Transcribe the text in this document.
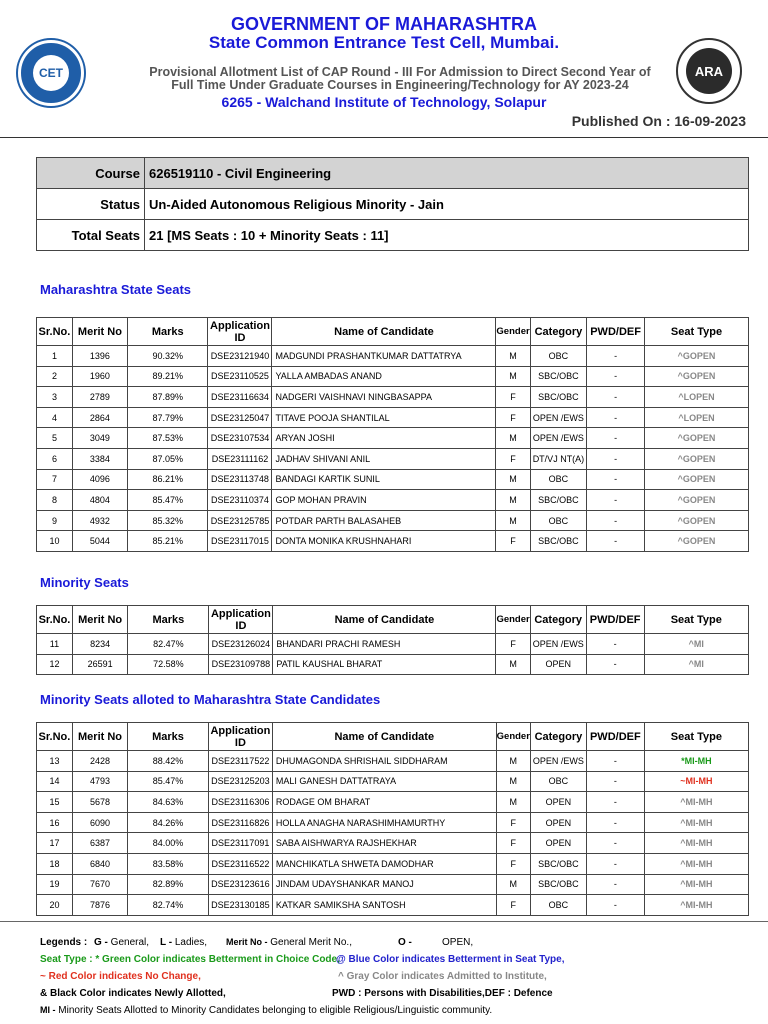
CET
GOVERNMENT OF MAHARASHTRA
State Common Entrance Test Cell, Mumbai.
Provisional Allotment List of CAP Round - III For Admission to Direct Second Year of
Full Time Under Graduate Courses in Engineering/Technology for AY 2023-24
6265 - Walchand Institute of Technology, Solapur
ARA
Published On : 16-09-2023
Course	626519110 - Civil Engineering
Status	Un-Aided Autonomous Religious Minority - Jain
Total Seats	21 [MS Seats : 10 + Minority Seats : 11]
Maharashtra State Seats
Sr.No.	Merit No	Marks	Application ID	Name of Candidate	Gender	Category	PWD/DEF	Seat Type
1	1396	90.32%	DSE23121940	MADGUNDI PRASHANTKUMAR DATTATRYA	M	OBC	-	^GOPEN
2	1960	89.21%	DSE23110525	YALLA AMBADAS ANAND	M	SBC/OBC	-	^GOPEN
3	2789	87.89%	DSE23116634	NADGERI VAISHNAVI NINGBASAPPA	F	SBC/OBC	-	^LOPEN
4	2864	87.79%	DSE23125047	TITAVE POOJA SHANTILAL	F	OPEN /EWS	-	^LOPEN
5	3049	87.53%	DSE23107534	ARYAN JOSHI	M	OPEN /EWS	-	^GOPEN
6	3384	87.05%	DSE23111162	JADHAV SHIVANI ANIL	F	DT/VJ NT(A)	-	^GOPEN
7	4096	86.21%	DSE23113748	BANDAGI KARTIK SUNIL	M	OBC	-	^GOPEN
8	4804	85.47%	DSE23110374	GOP MOHAN PRAVIN	M	SBC/OBC	-	^GOPEN
9	4932	85.32%	DSE23125785	POTDAR PARTH BALASAHEB	M	OBC	-	^GOPEN
10	5044	85.21%	DSE23117015	DONTA MONIKA KRUSHNAHARI	F	SBC/OBC	-	^GOPEN
Minority Seats
Sr.No.	Merit No	Marks	Application ID	Name of Candidate	Gender	Category	PWD/DEF	Seat Type
11	8234	82.47%	DSE23126024	BHANDARI PRACHI RAMESH	F	OPEN /EWS	-	^MI
12	26591	72.58%	DSE23109788	PATIL KAUSHAL BHARAT	M	OPEN	-	^MI
Minority Seats alloted to Maharashtra State Candidates
Sr.No.	Merit No	Marks	Application ID	Name of Candidate	Gender	Category	PWD/DEF	Seat Type
13	2428	88.42%	DSE23117522	DHUMAGONDA SHRISHAIL SIDDHARAM	M	OPEN /EWS	-	*MI-MH
14	4793	85.47%	DSE23125203	MALI GANESH DATTATRAYA	M	OBC	-	~MI-MH
15	5678	84.63%	DSE23116306	RODAGE OM BHARAT	M	OPEN	-	^MI-MH
16	6090	84.26%	DSE23116826	HOLLA ANAGHA NARASHIMHAMURTHY	F	OPEN	-	^MI-MH
17	6387	84.00%	DSE23117091	SABA AISHWARYA RAJSHEKHAR	F	OPEN	-	^MI-MH
18	6840	83.58%	DSE23116522	MANCHIKATLA SHWETA DAMODHAR	F	SBC/OBC	-	^MI-MH
19	7670	82.89%	DSE23123616	JINDAM UDAYSHANKAR MANOJ	M	SBC/OBC	-	^MI-MH
20	7876	82.74%	DSE23130185	KATKAR SAMIKSHA SANTOSH	F	OBC	-	^MI-MH
Legends : G - General, L - Ladies, Merit No - General Merit No.,	O -	OPEN,
Seat Type : * Green Color indicates Betterment in Choice Code,
@ Blue Color indicates Betterment in Seat Type,
~ Red Color indicates No Change,	^ Gray Color indicates Admitted to Institute,
& Black Color indicates Newly Allotted,	PWD : Persons with Disabilities,DEF : Defence
MI - Minority Seats Allotted to Minority Candidates belonging to eligible Religious/Linguistic community.
